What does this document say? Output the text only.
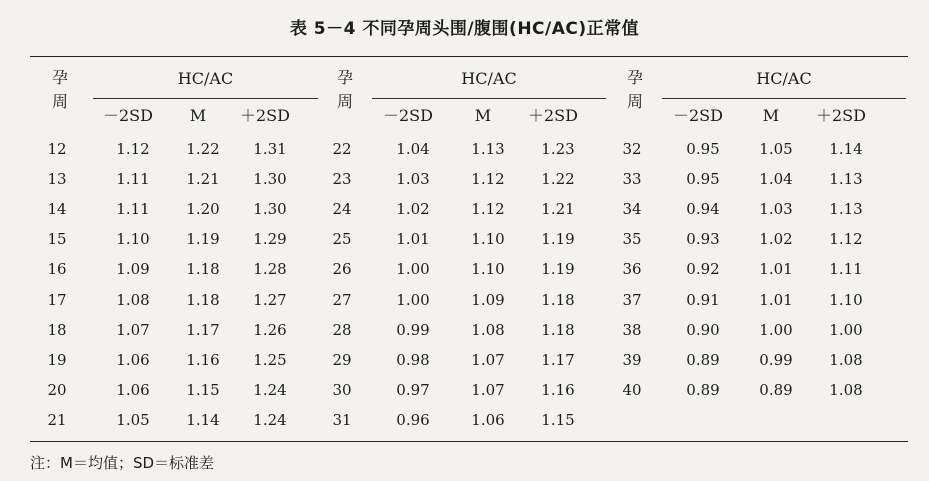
表 5－4 不同孕周头围/腹围(HC/AC)正常值
孕
周
HC/AC
－2SD	M	＋2SD
12	1.12	1.22	1.31
13	1.11	1.21	1.30
14	1.11	1.20	1.30
15	1.10	1.19	1.29
16	1.09	1.18	1.28
17	1.08	1.18	1.27
18	1.07	1.17	1.26
19	1.06	1.16	1.25
20	1.06	1.15	1.24
21	1.05	1.14	1.24
孕
周
HC/AC
－2SD	M	＋2SD
22	1.04	1.13	1.23
23	1.03	1.12	1.22
24	1.02	1.12	1.21
25	1.01	1.10	1.19
26	1.00	1.10	1.19
27	1.00	1.09	1.18
28	0.99	1.08	1.18
29	0.98	1.07	1.17
30	0.97	1.07	1.16
31	0.96	1.06	1.15
孕
周
HC/AC
－2SD	M	＋2SD
32	0.95	1.05	1.14
33	0.95	1.04	1.13
34	0.94	1.03	1.13
35	0.93	1.02	1.12
36	0.92	1.01	1.11
37	0.91	1.01	1.10
38	0.90	1.00	1.00
39	0.89	0.99	1.08
40	0.89	0.89	1.08
注：M＝均值；SD＝标准差
